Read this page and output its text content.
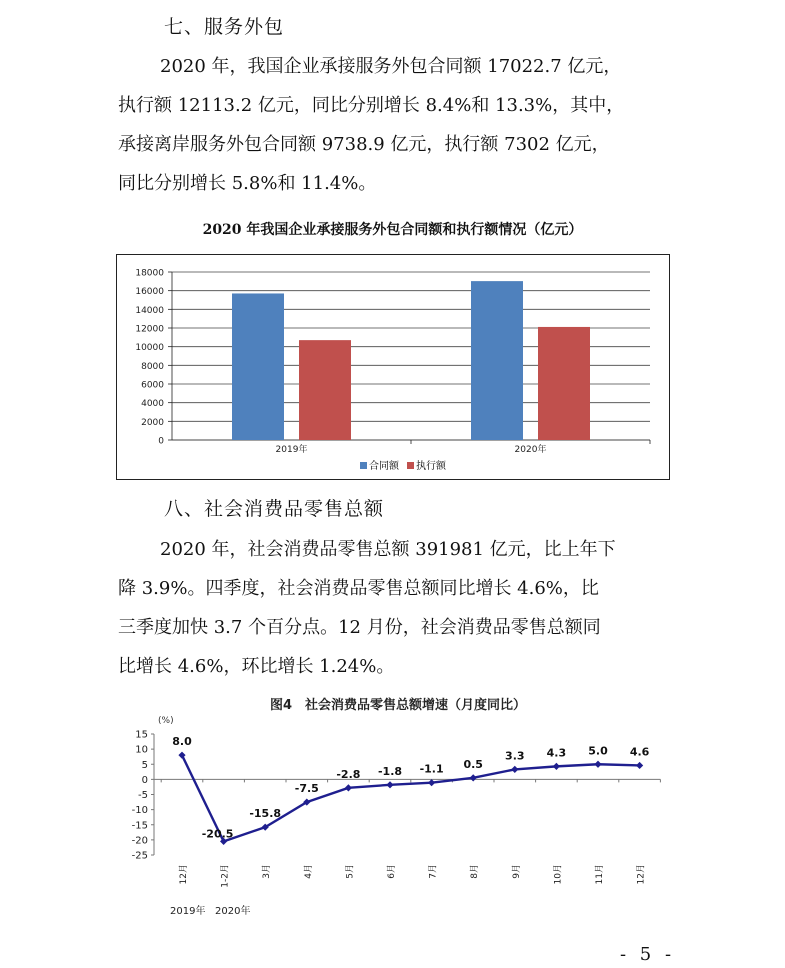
七、服务外包
2020 年，我国企业承接服务外包合同额 17022.7 亿元，
执行额 12113.2 亿元，同比分别增长 8.4%和 13.3%，其中，
承接离岸服务外包合同额 9738.9 亿元，执行额 7302 亿元，
同比分别增长 5.8%和 11.4%。
2020 年我国企业承接服务外包合同额和执行额情况（亿元）
0
2000
4000
6000
8000
10000
12000
14000
16000
18000
2019年	2020年
合同额 执行额
八、社会消费品零售总额
2020 年，社会消费品零售总额 391981 亿元，比上年下
降 3.9%。四季度，社会消费品零售总额同比增长 4.6%，比
三季度加快 3.7 个百分点。12 月份，社会消费品零售总额同
比增长 4.6%，环比增长 1.24%。
图4　社会消费品零售总额增速（月度同比）
(%)
15
10
5
0
-5
-10
-15
-20
-25
8.0
-20.5
-15.8
-7.5
-2.8 -1.8 -1.1 0.5
3.3 4.3 5.0 4.6
12月	1-2月	3月	4月	5月	6月	7月	8月	9月	10月	11月	12月
2019年 2020年
- 5 -
